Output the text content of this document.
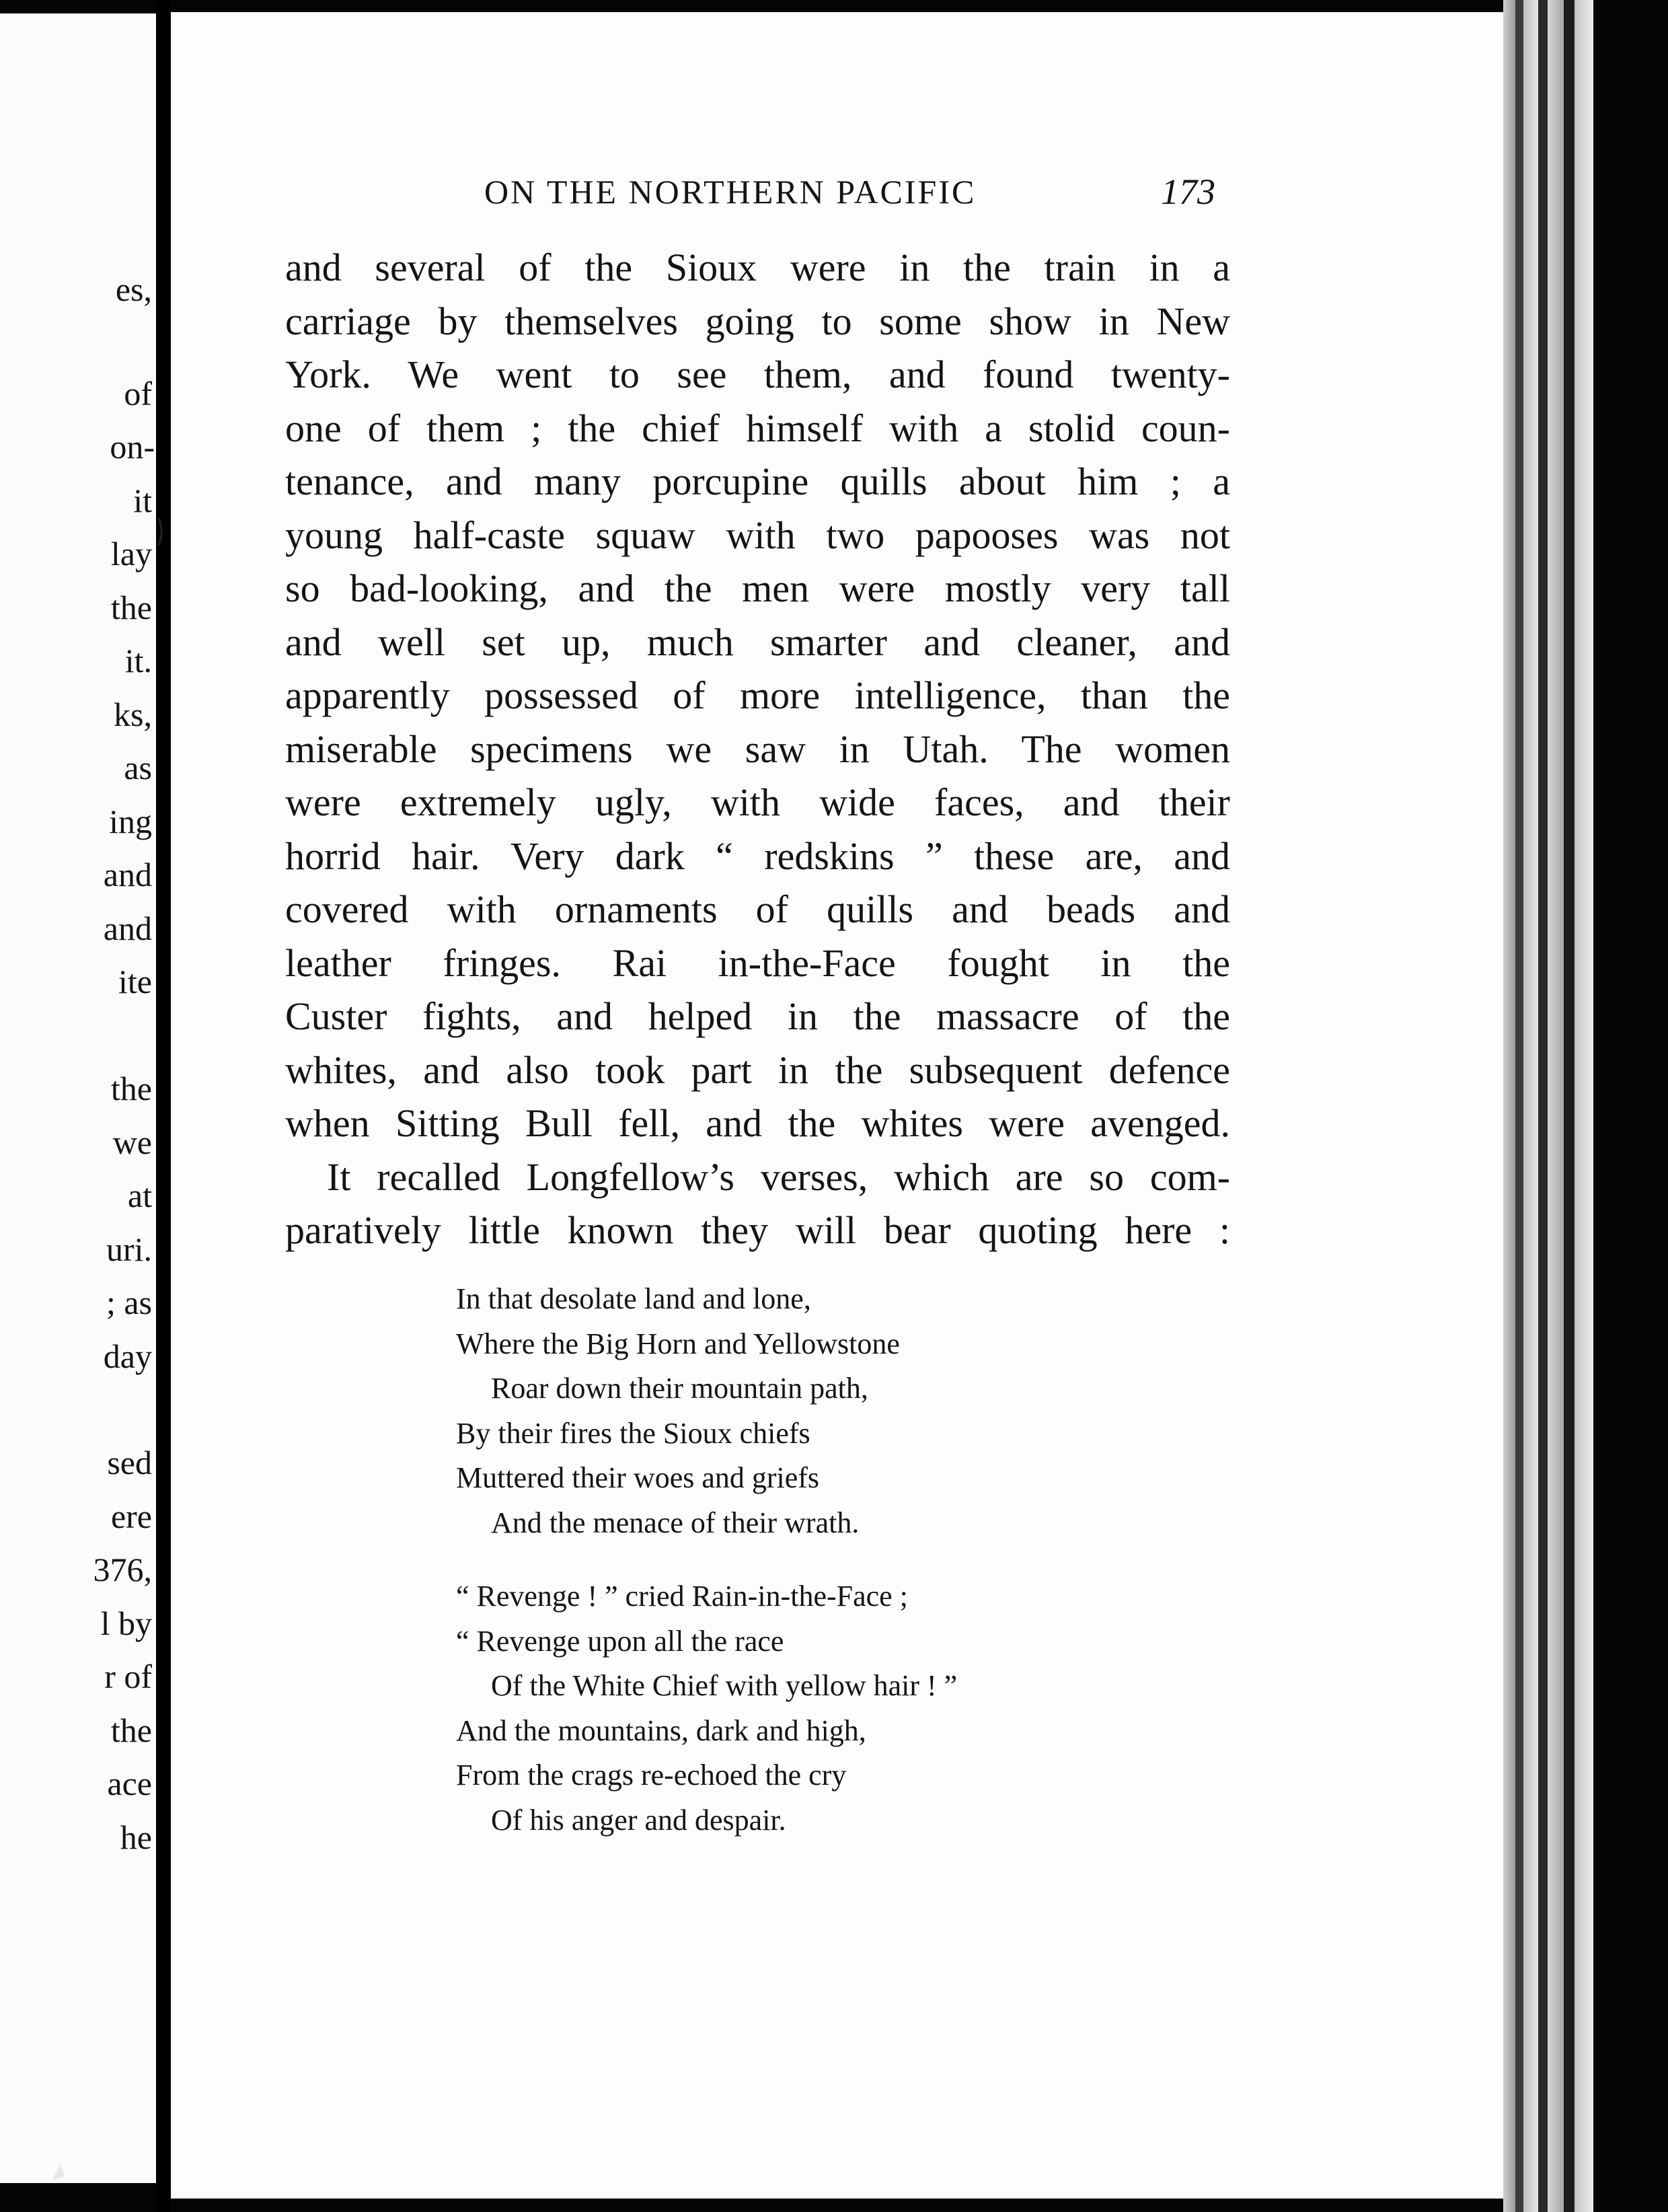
es,
of
on-
it
lay
the
it.
ks,
as
ing
and
and
ite
the
we
at
uri.
; as
day
sed
ere
376,
l by
r of
the
ace
he
ON THE NORTHERN PACIFIC	173
and several of the Sioux were in the train in a
carriage by themselves going to some show in New
York. We went to see them, and found twenty-
one of them ; the chief himself with a stolid coun-
tenance, and many porcupine quills about him ; a
young half-caste squaw with two papooses was not
so bad-looking, and the men were mostly very tall
and well set up, much smarter and cleaner, and
apparently possessed of more intelligence, than the
miserable specimens we saw in Utah. The women
were extremely ugly, with wide faces, and their
horrid hair. Very dark “ redskins ” these are, and
covered with ornaments of quills and beads and
leather fringes. Rai in-the-Face fought in the
Custer fights, and helped in the massacre of the
whites, and also took part in the subsequent defence
when Sitting Bull fell, and the whites were avenged.
It recalled Longfellow’s verses, which are so com-
paratively little known they will bear quoting here :
In that desolate land and lone,
Where the Big Horn and Yellowstone
Roar down their mountain path,
By their fires the Sioux chiefs
Muttered their woes and griefs
And the menace of their wrath.
“ Revenge ! ” cried Rain-in-the-Face ;
“ Revenge upon all the race
Of the White Chief with yellow hair ! ”
And the mountains, dark and high,
From the crags re-echoed the cry
Of his anger and despair.
